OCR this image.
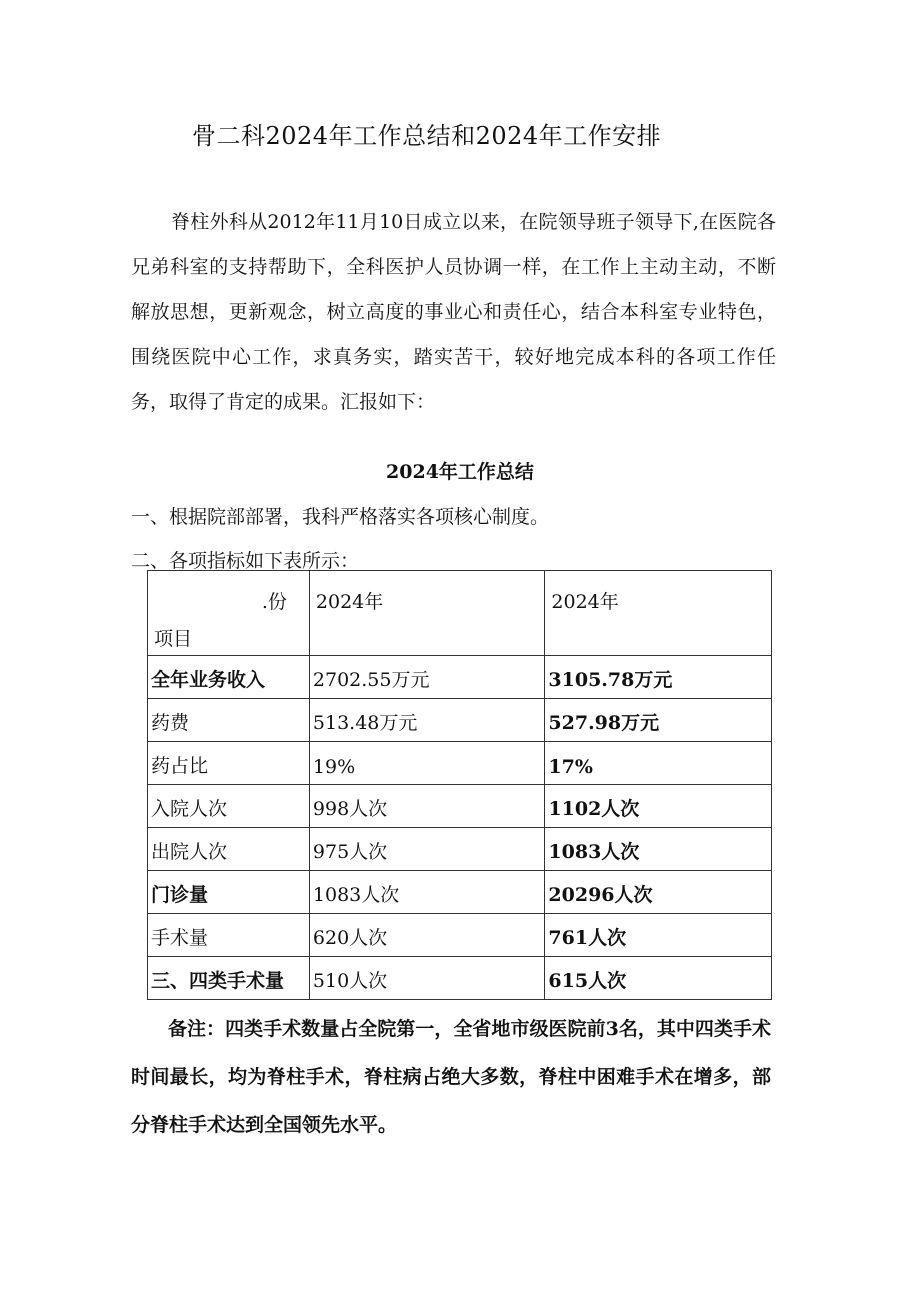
骨二科2024年工作总结和2024年工作安排

脊柱外科从2012年11月10日成立以来，在院领导班子领导下,在医院各兄弟科室的支持帮助下，全科医护人员协调一样，在工作上主动主动，不断解放思想，更新观念，树立高度的事业心和责任心，结合本科室专业特色，围绕医院中心工作，求真务实，踏实苦干，较好地完成本科的各项工作任务，取得了肯定的成果。汇报如下：

2024年工作总结
一、根据院部部署，我科严格落实各项核心制度。
二、各项指标如下表所示：
.份
项目	2024年	2024年

全年业务收入	2702.55万元	3105.78万元
药费	513.48万元	527.98万元
药占比	19%	17%
入院人次	998人次	1102人次
出院人次	975人次	1083人次
门诊量	1083人次	20296人次
手术量	620人次	761人次
三、四类手术量	510人次	615人次

备注：四类手术数量占全院第一，全省地市级医院前3名，其中四类手术时间最长，均为脊柱手术，脊柱病占绝大多数，脊柱中困难手术在增多，部分脊柱手术达到全国领先水平。
